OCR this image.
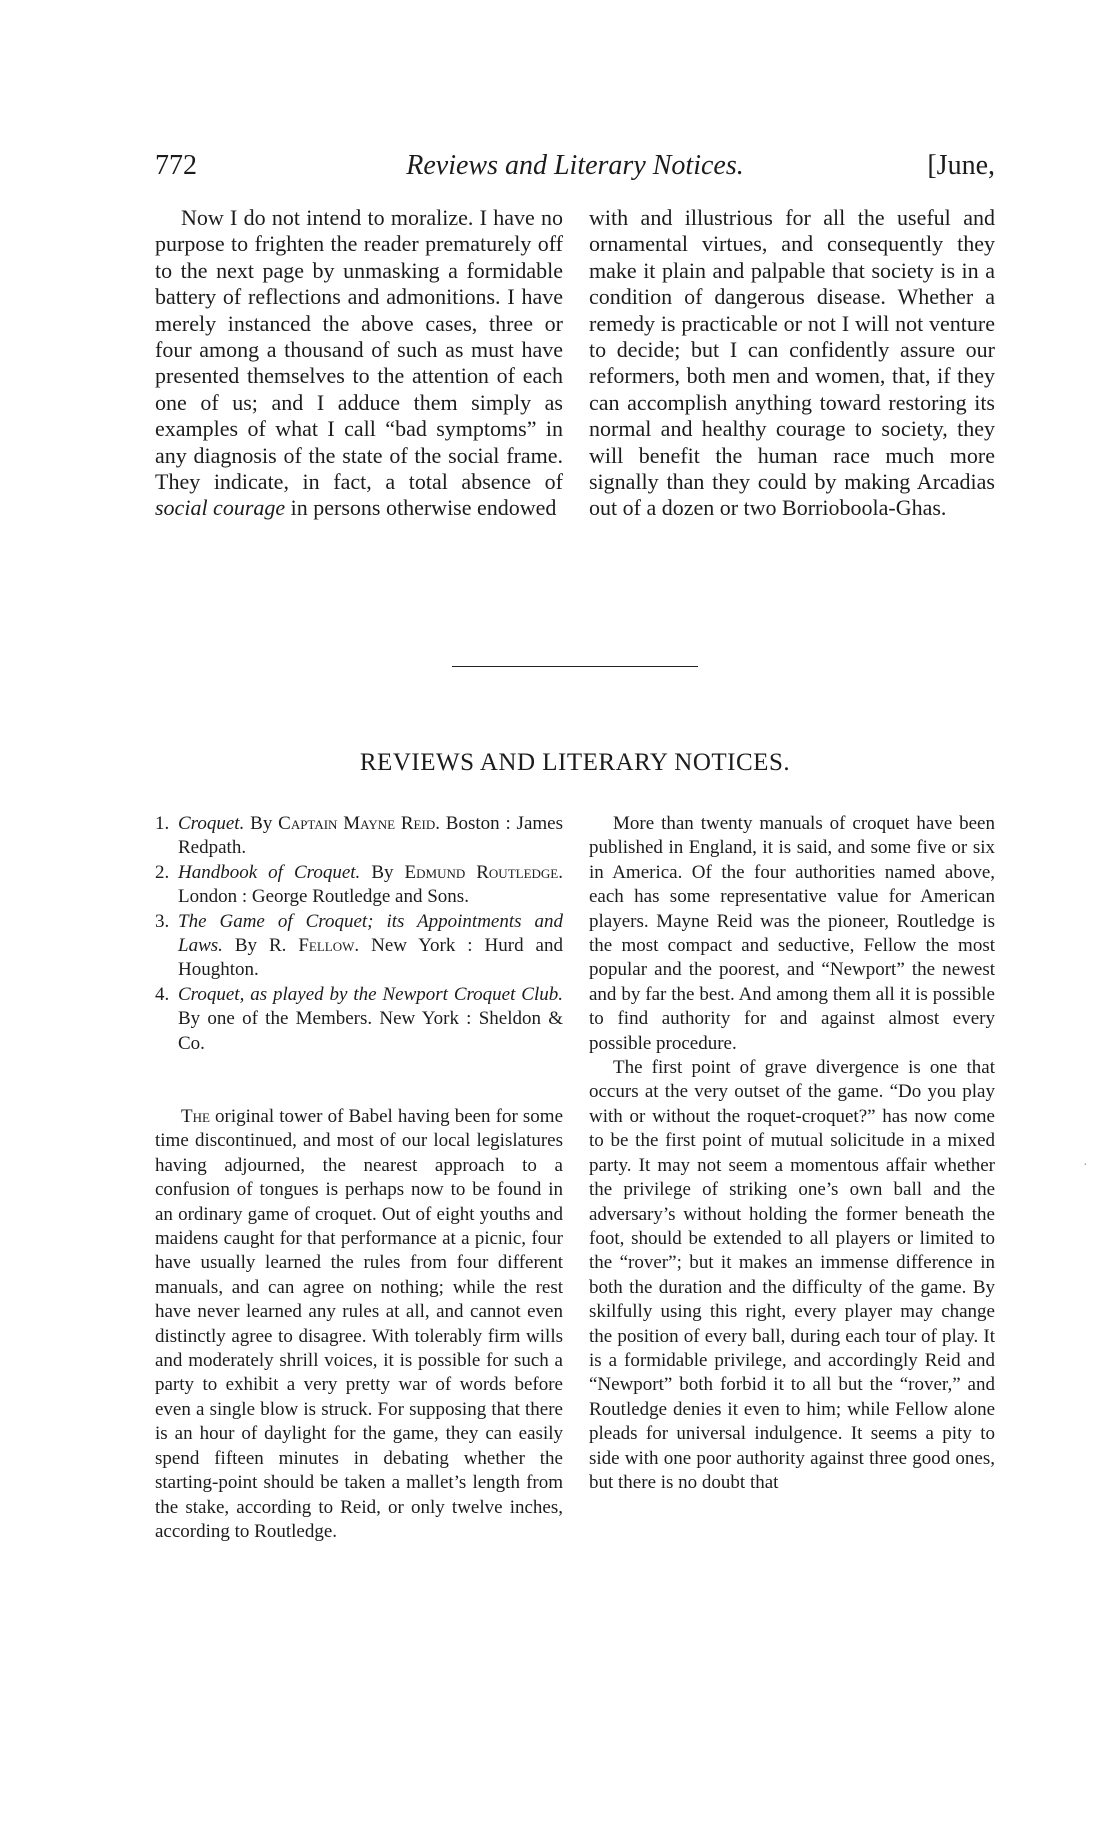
772	Reviews and Literary Notices.	[June,

Now I do not intend to moralize. I have no purpose to frighten the reader prematurely off to the next page by unmasking a formidable battery of reflections and admonitions. I have merely instanced the above cases, three or four among a thousand of such as must have presented themselves to the attention of each one of us; and I adduce them simply as examples of what I call “bad symptoms” in any diagnosis of the state of the social frame. They indicate, in fact, a total absence of social courage in persons otherwise endowed

with and illustrious for all the useful and ornamental virtues, and consequently they make it plain and palpable that society is in a condition of dangerous disease. Whether a remedy is practicable or not I will not venture to decide; but I can confidently assure our reformers, both men and women, that, if they can accomplish anything toward restoring its normal and healthy courage to society, they will benefit the human race much more signally than they could by making Arcadias out of a dozen or two Borrioboola-Ghas.

REVIEWS AND LITERARY NOTICES.
1. Croquet. By Captain Mayne Reid. Boston : James Redpath.
2. Handbook of Croquet. By Edmund Routledge. London : George Routledge and Sons.
3. The Game of Croquet; its Appointments and Laws. By R. Fellow. New York : Hurd and Houghton.
4. Croquet, as played by the Newport Croquet Club. By one of the Members. New York : Sheldon & Co.

The original tower of Babel having been for some time discontinued, and most of our local legislatures having adjourned, the nearest approach to a confusion of tongues is perhaps now to be found in an ordinary game of croquet. Out of eight youths and maidens caught for that performance at a picnic, four have usually learned the rules from four different manuals, and can agree on nothing; while the rest have never learned any rules at all, and cannot even distinctly agree to disagree. With tolerably firm wills and moderately shrill voices, it is possible for such a party to exhibit a very pretty war of words before even a single blow is struck. For supposing that there is an hour of daylight for the game, they can easily spend fifteen minutes in debating whether the starting-point should be taken a mallet’s length from the stake, according to Reid, or only twelve inches, according to Routledge.

More than twenty manuals of croquet have been published in England, it is said, and some five or six in America. Of the four authorities named above, each has some representative value for American players. Mayne Reid was the pioneer, Routledge is the most compact and seductive, Fellow the most popular and the poorest, and “Newport” the newest and by far the best. And among them all it is possible to find authority for and against almost every possible procedure.

The first point of grave divergence is one that occurs at the very outset of the game. “Do you play with or without the roquet-croquet?” has now come to be the first point of mutual solicitude in a mixed party. It may not seem a momentous affair whether the privilege of striking one’s own ball and the adversary’s without holding the former beneath the foot, should be extended to all players or limited to the “rover”; but it makes an immense difference in both the duration and the difficulty of the game. By skilfully using this right, every player may change the position of every ball, during each tour of play. It is a formidable privilege, and accordingly Reid and “Newport” both forbid it to all but the “rover,” and Routledge denies it even to him; while Fellow alone pleads for universal indulgence. It seems a pity to side with one poor authority against three good ones, but there is no doubt that

·
